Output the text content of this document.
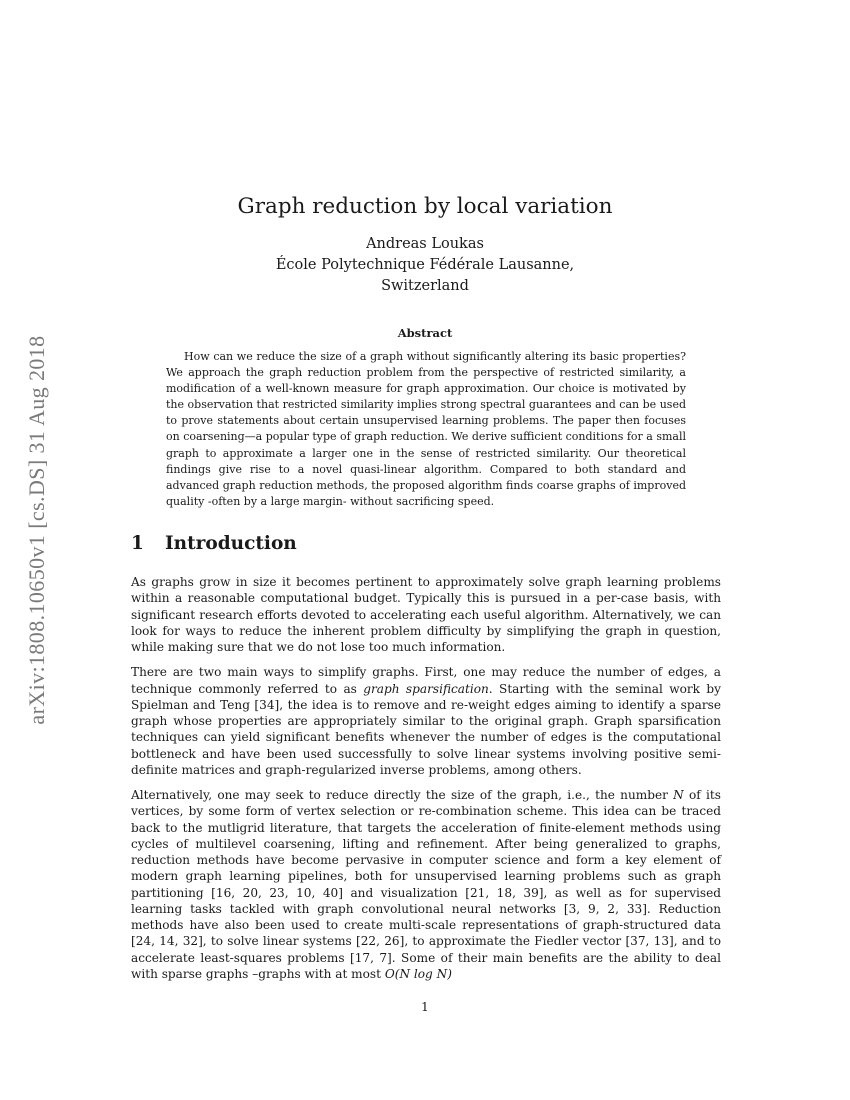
arXiv:1808.10650v1 [cs.DS] 31 Aug 2018
Graph reduction by local variation
Andreas Loukas
École Polytechnique Fédérale Lausanne,
Switzerland
Abstract
How can we reduce the size of a graph without significantly altering its basic properties? We approach the graph reduction problem from the perspective of restricted similarity, a modification of a well-known measure for graph approximation. Our choice is motivated by the observation that restricted similarity implies strong spectral guarantees and can be used to prove statements about certain unsupervised learning problems. The paper then focuses on coarsening—a popular type of graph reduction. We derive sufficient conditions for a small graph to approximate a larger one in the sense of restricted similarity. Our theoretical findings give rise to a novel quasi-linear algorithm. Compared to both standard and advanced graph reduction methods, the proposed algorithm finds coarse graphs of improved quality -often by a large margin- without sacrificing speed.
1 Introduction

As graphs grow in size it becomes pertinent to approximately solve graph learning problems within a reasonable computational budget. Typically this is pursued in a per-case basis, with significant research efforts devoted to accelerating each useful algorithm. Alternatively, we can look for ways to reduce the inherent problem difficulty by simplifying the graph in question, while making sure that we do not lose too much information.

There are two main ways to simplify graphs. First, one may reduce the number of edges, a technique commonly referred to as graph sparsification. Starting with the seminal work by Spielman and Teng [34], the idea is to remove and re-weight edges aiming to identify a sparse graph whose properties are appropriately similar to the original graph. Graph sparsification techniques can yield significant benefits whenever the number of edges is the computational bottleneck and have been used successfully to solve linear systems involving positive semi-definite matrices and graph-regularized inverse problems, among others.

Alternatively, one may seek to reduce directly the size of the graph, i.e., the number N of its vertices, by some form of vertex selection or re-combination scheme. This idea can be traced back to the mutligrid literature, that targets the acceleration of finite-element methods using cycles of multilevel coarsening, lifting and refinement. After being generalized to graphs, reduction methods have become pervasive in computer science and form a key element of modern graph learning pipelines, both for unsupervised learning problems such as graph partitioning [16, 20, 23, 10, 40] and visualization [21, 18, 39], as well as for supervised learning tasks tackled with graph convolutional neural networks [3, 9, 2, 33]. Reduction methods have also been used to create multi-scale representations of graph-structured data [24, 14, 32], to solve linear systems [22, 26], to approximate the Fiedler vector [37, 13], and to accelerate least-squares problems [17, 7]. Some of their main benefits are the ability to deal with sparse graphs –graphs with at most O(N log N)

1
